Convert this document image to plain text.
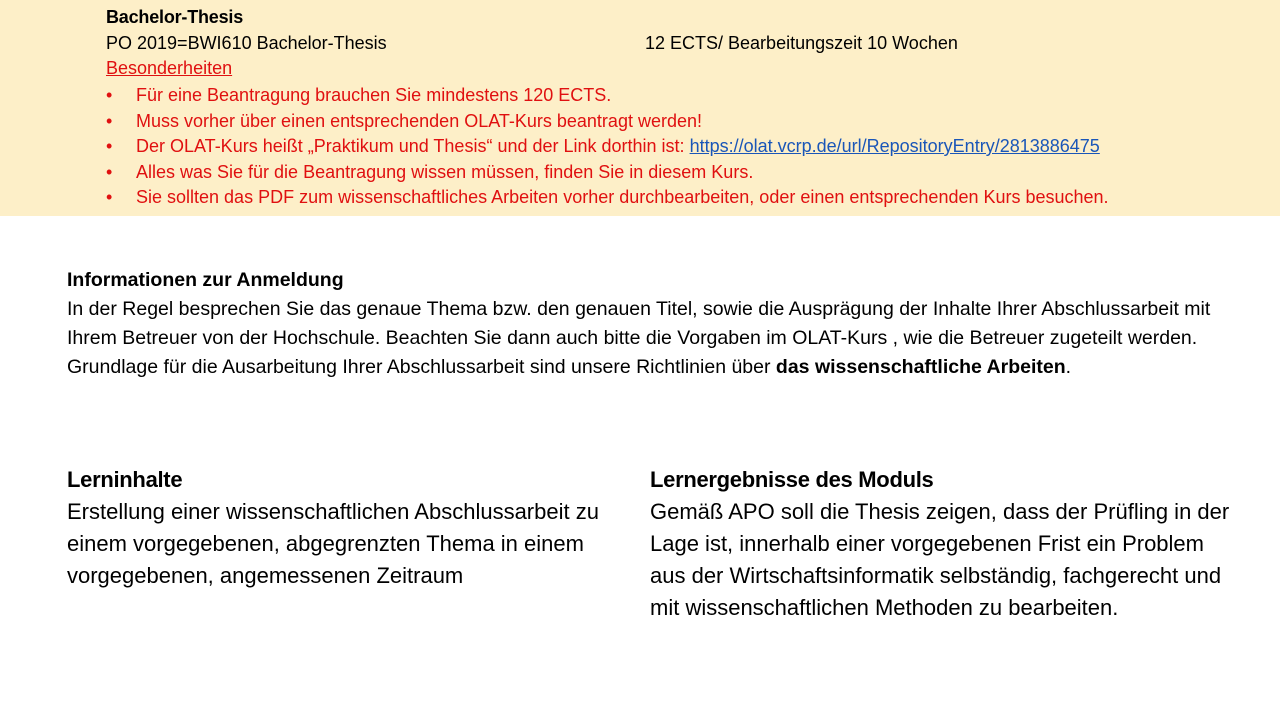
Bachelor-Thesis
PO 2019=BWI610 Bachelor-Thesis	12 ECTS/ Bearbeitungszeit 10 Wochen
Besonderheiten
• Für eine Beantragung brauchen Sie mindestens 120 ECTS.
• Muss vorher über einen entsprechenden OLAT-Kurs beantragt werden!
• Der OLAT-Kurs heißt „Praktikum und Thesis“ und der Link dorthin ist: https://olat.vcrp.de/url/RepositoryEntry/2813886475
• Alles was Sie für die Beantragung wissen müssen, finden Sie in diesem Kurs.
• Sie sollten das PDF zum wissenschaftliches Arbeiten vorher durchbearbeiten, oder einen entsprechenden Kurs besuchen.
Informationen zur Anmeldung
In der Regel besprechen Sie das genaue Thema bzw. den genauen Titel, sowie die Ausprägung der Inhalte Ihrer Abschlussarbeit mit Ihrem Betreuer von der Hochschule. Beachten Sie dann auch bitte die Vorgaben im OLAT-Kurs , wie die Betreuer zugeteilt werden.
Grundlage für die Ausarbeitung Ihrer Abschlussarbeit sind unsere Richtlinien über das wissenschaftliche Arbeiten.
Lerninhalte
Erstellung einer wissenschaftlichen Abschlussarbeit zu einem vorgegebenen, abgegrenzten Thema in einem vorgegebenen, angemessenen Zeitraum
Lernergebnisse des Moduls
Gemäß APO soll die Thesis zeigen, dass der Prüfling in der Lage ist, innerhalb einer vorgegebenen Frist ein Problem aus der Wirtschaftsinformatik selbständig, fachgerecht und mit wissenschaftlichen Methoden zu bearbeiten.
